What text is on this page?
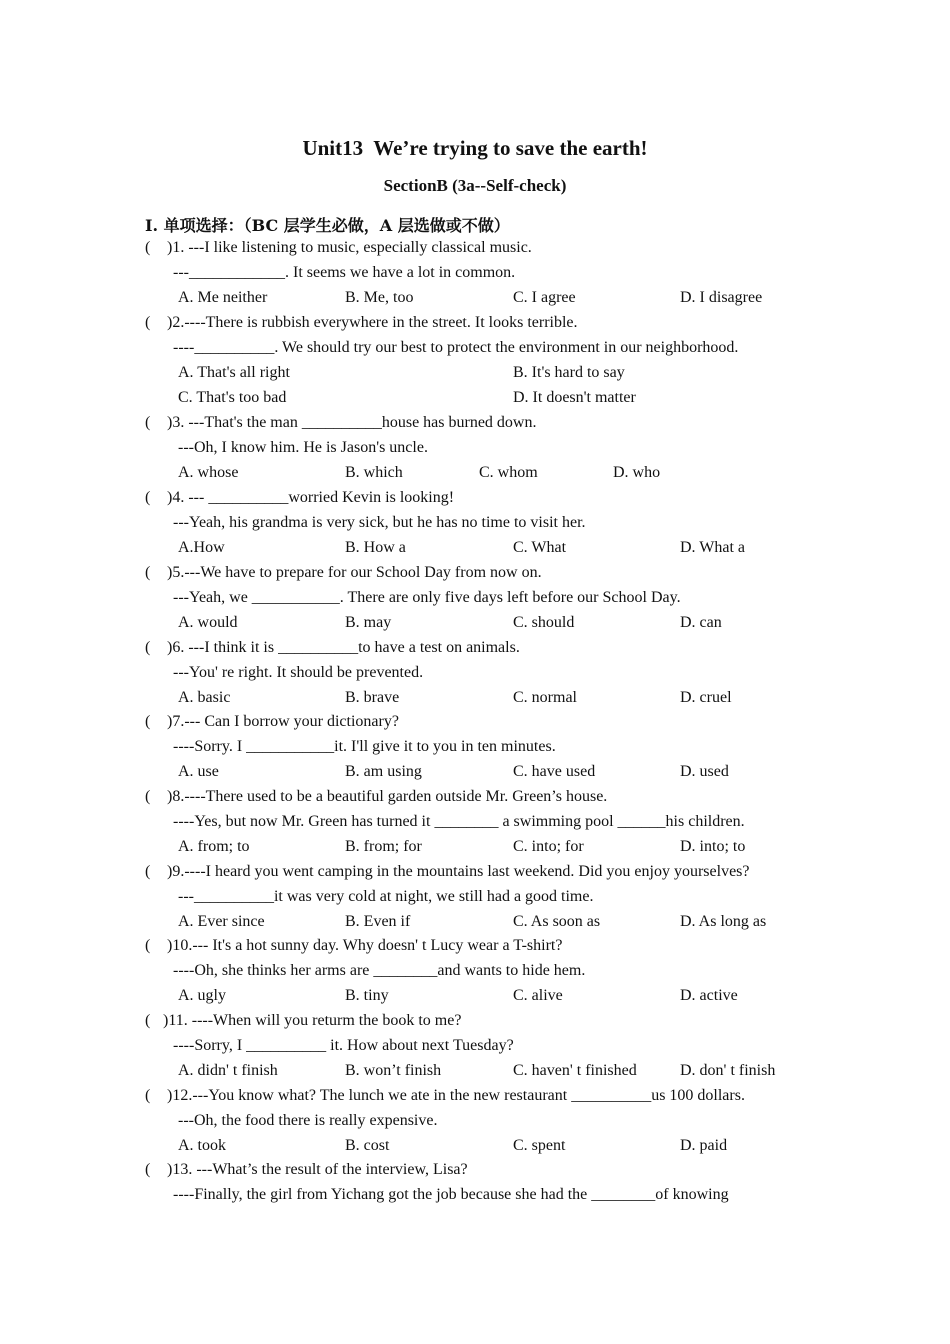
Unit13  We’re trying to save the earth!
SectionB (3a--Self-check)
I. 单项选择：（BC 层学生必做，A 层选做或不做）
( )1. ---I like listening to music, especially classical music.
---____________. It seems we have a lot in common.
A. Me neither	B. Me, too	C. I agree	D. I disagree
( )2.----There is rubbish everywhere in the street. It looks terrible.
----__________. We should try our best to protect the environment in our neighborhood.
A. That's all right	B. It's hard to say
C. That's too bad	D. It doesn't matter
( )3. ---That's the man __________house has burned down.
---Oh, I know him. He is Jason's uncle.
A. whose	B. which	C. whom	D. who
( )4. --- __________worried Kevin is looking!
---Yeah, his grandma is very sick, but he has no time to visit her.
A.How	B. How a	C. What	D. What a
( )5.---We have to prepare for our School Day from now on.
---Yeah, we ___________. There are only five days left before our School Day.
A. would	B. may	C. should	D. can
( )6. ---I think it is __________to have a test on animals.
---You' re right. It should be prevented.
A. basic	B. brave	C. normal	D. cruel
( )7.--- Can I borrow your dictionary?
----Sorry. I ___________it. I'll give it to you in ten minutes.
A. use	B. am using	C. have used	D. used
( )8.----There used to be a beautiful garden outside Mr. Green’s house.
----Yes, but now Mr. Green has turned it ________ a swimming pool ______his children.
A. from; to	B. from; for	C. into; for	D. into; to
( )9.----I heard you went camping in the mountains last weekend. Did you enjoy yourselves?
---__________it was very cold at night, we still had a good time.
A. Ever since	B. Even if	C. As soon as	D. As long as
( )10.--- It's a hot sunny day. Why doesn' t Lucy wear a T-shirt?
----Oh, she thinks her arms are ________and wants to hide hem.
A. ugly	B. tiny	C. alive	D. active
( )11. ----When will you returm the book to me?
----Sorry, I __________ it. How about next Tuesday?
A. didn' t finish	B. won’t finish	C. haven' t finished	D. don' t finish
( )12.---You know what? The lunch we ate in the new restaurant __________us 100 dollars.
---Oh, the food there is really expensive.
A. took	B. cost	C. spent	D. paid
( )13. ---What’s the result of the interview, Lisa?
----Finally, the girl from Yichang got the job because she had the ________of knowing
